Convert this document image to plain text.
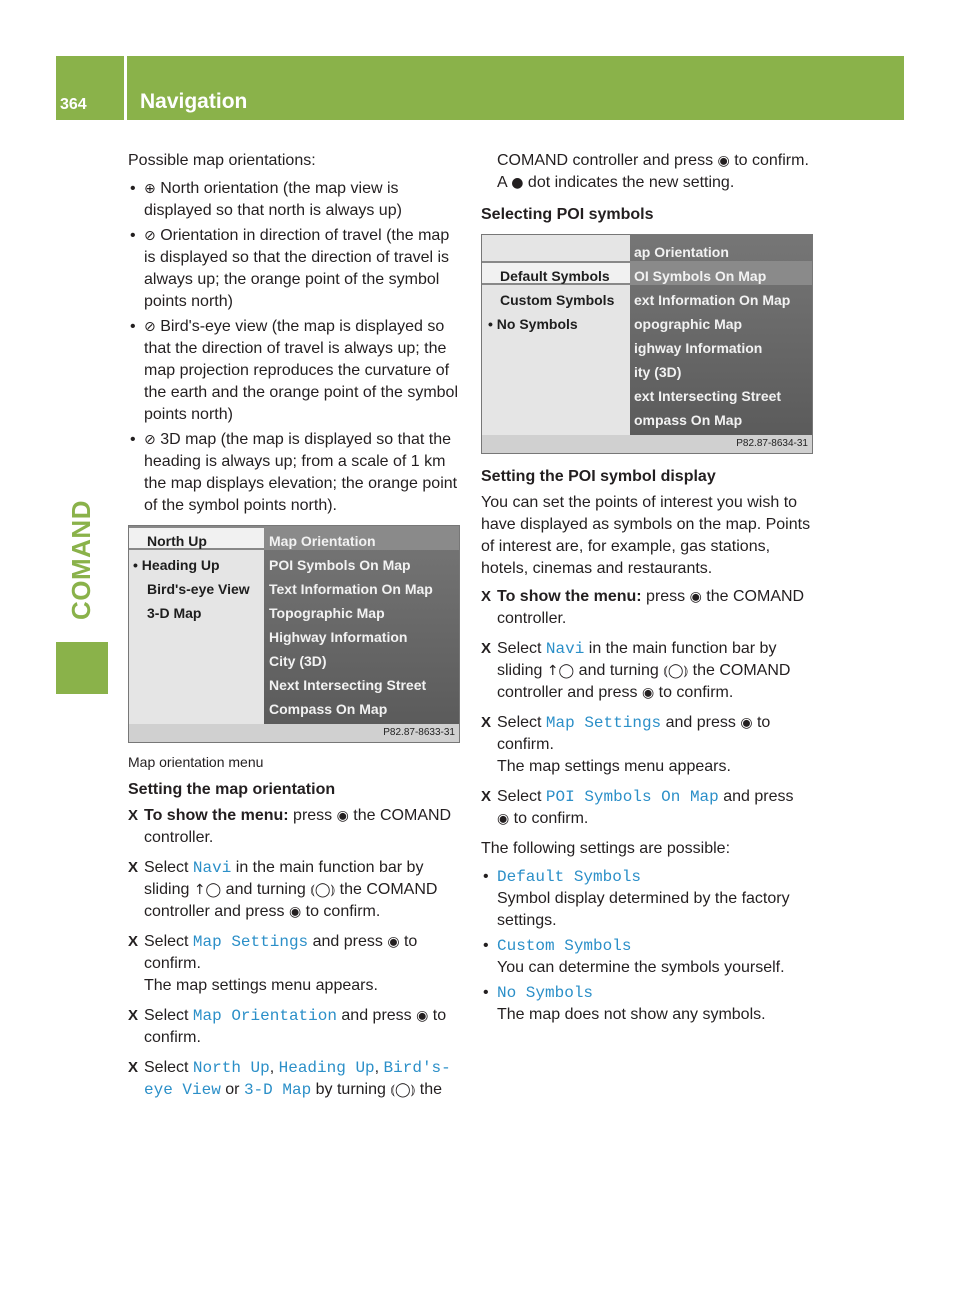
364	Navigation
COMAND

Possible map orientations:

• ⊕ North orientation (the map view is displayed so that north is always up)
• ⊘ Orientation in direction of travel (the map is displayed so that the direction of travel is always up; the orange point of the symbol points north)
• ⊘ Bird's-eye view (the map is displayed so that the direction of travel is always up; the map projection reproduces the curvature of the earth and the orange point of the symbol points north)
• ⊘ 3D map (the map is displayed so that the heading is always up; from a scale of 1 km the map displays elevation; the orange point of the symbol points north).
North Up
• Heading Up
Bird's-eye View
3-D Map
Map Orientation
POI Symbols On Map
Text Information On Map
Topographic Map
Highway Information
City (3D)
Next Intersecting Street
Compass On Map
P82.87-8633-31

Map orientation menu

Setting the map orientation

X To show the menu: press ◉ the COMAND controller.
X Select Navi in the main function bar by sliding ↑◯ and turning ⦅◯⦆ the COMAND controller and press ◉ to confirm.
X Select Map Settings and press ◉ to confirm.
The map settings menu appears.
X Select Map Orientation and press ◉ to confirm.
X Select North Up, Heading Up, Bird's-eye View or 3-D Map by turning ⦅◯⦆ the

COMAND controller and press ◉ to confirm.
A ● dot indicates the new setting.

Selecting POI symbols

Default Symbols
Custom Symbols
• No Symbols
ap Orientation
OI Symbols On Map
ext Information On Map
opographic Map
ighway Information
ity (3D)
ext Intersecting Street
ompass On Map
P82.87-8634-31

Setting the POI symbol display

You can set the points of interest you wish to have displayed as symbols on the map. Points of interest are, for example, gas stations, hotels, cinemas and restaurants.

X To show the menu: press ◉ the COMAND controller.
X Select Navi in the main function bar by sliding ↑◯ and turning ⦅◯⦆ the COMAND controller and press ◉ to confirm.
X Select Map Settings and press ◉ to confirm.
The map settings menu appears.
X Select POI Symbols On Map and press
◉ to confirm.

The following settings are possible:

• Default Symbols
Symbol display determined by the factory settings.
• Custom Symbols
You can determine the symbols yourself.
• No Symbols
The map does not show any symbols.
